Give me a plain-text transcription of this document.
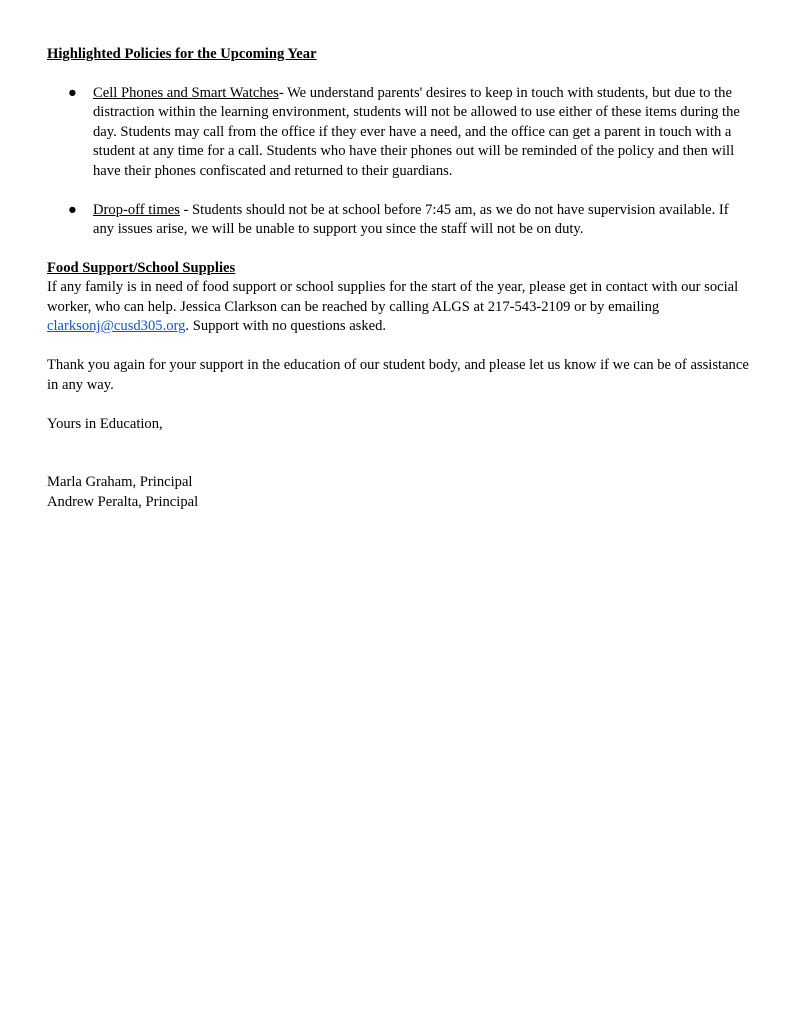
Highlighted Policies for the Upcoming Year

● Cell Phones and Smart Watches- We understand parents' desires to keep in touch with students, but due to the distraction within the learning environment, students will not be allowed to use either of these items during the day. Students may call from the office if they ever have a need, and the office can get a parent in touch with a student at any time for a call. Students who have their phones out will be reminded of the policy and then will have their phones confiscated and returned to their guardians.
● Drop-off times - Students should not be at school before 7:45 am, as we do not have supervision available. If any issues arise, we will be unable to support you since the staff will not be on duty.

Food Support/School Supplies

If any family is in need of food support or school supplies for the start of the year, please get in contact with our social worker, who can help. Jessica Clarkson can be reached by calling ALGS at 217-543-2109 or by emailing clarksonj@cusd305.org. Support with no questions asked.

Thank you again for your support in the education of our student body, and please let us know if we can be of assistance in any way.

Yours in Education,

Marla Graham, Principal

Andrew Peralta, Principal
